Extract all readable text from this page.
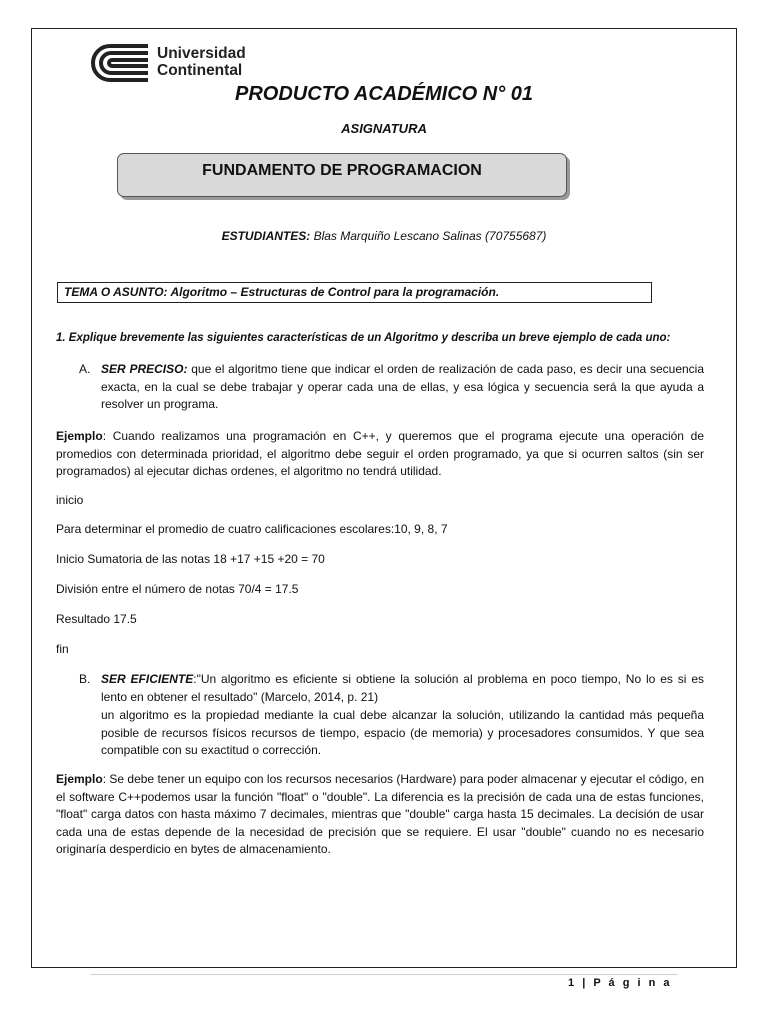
Universidad
Continental
PRODUCTO ACADÉMICO N° 01
ASIGNATURA
FUNDAMENTO DE PROGRAMACION
ESTUDIANTES: Blas Marquiño Lescano Salinas (70755687)
TEMA O ASUNTO: Algoritmo – Estructuras de Control para la programación.
1. Explique brevemente las siguientes características de un Algoritmo y describa un breve ejemplo de cada uno:
A. SER PRECISO: que el algoritmo tiene que indicar el orden de realización de cada paso, es decir una secuencia exacta, en la cual se debe trabajar y operar cada una de ellas, y esa lógica y secuencia será la que ayuda a resolver un programa.
Ejemplo: Cuando realizamos una programación en C++, y queremos que el programa ejecute una operación de promedios con determinada prioridad, el algoritmo debe seguir el orden programado, ya que si ocurren saltos (sin ser programados) al ejecutar dichas ordenes, el algoritmo no tendrá utilidad.
inicio
Para determinar el promedio de cuatro calificaciones escolares:10, 9, 8, 7
Inicio Sumatoria de las notas 18 +17 +15 +20 = 70
División entre el número de notas 70/4 = 17.5
Resultado 17.5
fin
B. SER EFICIENTE:"Un algoritmo es eficiente si obtiene la solución al problema en poco tiempo, No lo es si es lento en obtener el resultado" (Marcelo, 2014, p. 21)
un algoritmo es la propiedad mediante la cual debe alcanzar la solución, utilizando la cantidad más pequeña posible de recursos físicos recursos de tiempo, espacio (de memoria) y procesadores consumidos. Y que sea compatible con su exactitud o corrección.
Ejemplo: Se debe tener un equipo con los recursos necesarios (Hardware) para poder almacenar y ejecutar el código, en el software C++podemos usar la función "float" o "double". La diferencia es la precisión de cada una de estas funciones, "float" carga datos con hasta máximo 7 decimales, mientras que "double" carga hasta 15 decimales. La decisión de usar cada una de estas depende de la necesidad de precisión que se requiere. El usar "double" cuando no es necesario originaría desperdicio en bytes de almacenamiento.
1 | P á g i n a
